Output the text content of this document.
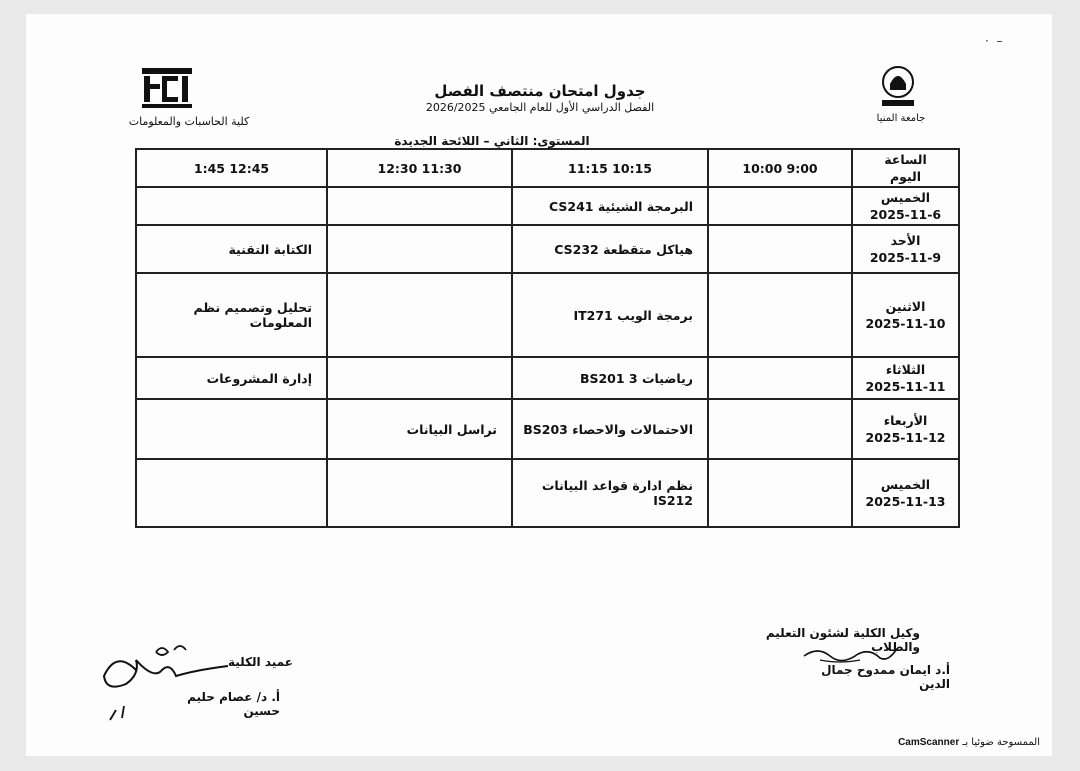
·  –
جدول امتحان منتصف الفصل
الفصل الدراسي الأول للعام الجامعي 2026/2025
كلية الحاسبات والمعلومات	جامعة المنيا
المستوى: الثاني – اللائحة الجديدة
1:45 12:45	12:30 11:30	11:15 10:15	10:00 9:00	الساعة
اليوم

		البرمجة الشيئية CS241		الخميس
2025-11-6

الكتابة التقنية		هياكل متقطعة CS232		الأحد
2025-11-9

تحليل وتصميم نظم المعلومات		برمجة الويب IT271		الاثنين
2025-11-10

إدارة المشروعات		رياضيات 3 BS201		الثلاثاء
2025-11-11

	تراسل البيانات	الاحتمالات والاحصاء BS203		الأربعاء
2025-11-12

		نظم ادارة قواعد البيانات IS212		الخميس
2025-11-13
وكيل الكلية لشئون التعليم والطلاب
أ.د ايمان ممدوح جمال الدين
عميد الكلية
أ. د/ عصام حليم حسين
CamScanner الممسوحة ضوئيا بـ
